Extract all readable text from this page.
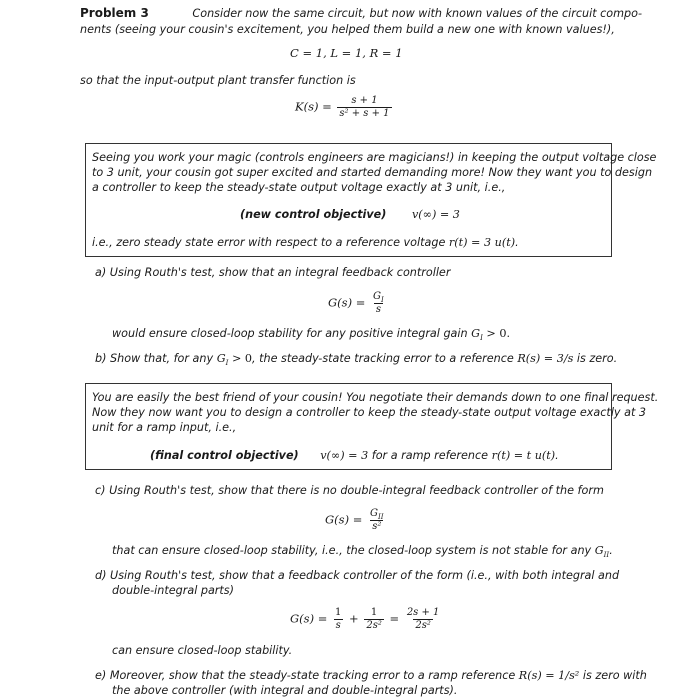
Problem 3	Consider now the same circuit, but now with known values of the circuit compo-
nents (seeing your cousin's excitement, you helped them build a new one with known values!),
C = 1, L = 1, R = 1
so that the input-output plant transfer function is
$K(s) = \frac{s + 1}{\text{s² + s + 1}}$
Seeing you work your magic (controls engineers are magicians!) in keeping the output voltage close
to 3 unit, your cousin got super excited and started demanding more! Now they want you to design
a controller to keep the steady-state output voltage exactly at 3 unit, i.e.,
(new control objective) v(∞) = 3
i.e., zero steady state error with respect to a reference voltage r(t) = 3 u(t).
a) Using Routh's test, show that an integral feedback controller
$G(s) = \frac{G_I}{s}$
would ensure closed-loop stability for any positive integral gain $G_I > 0$.
b) Show that, for any $G_I > 0$, the steady-state tracking error to a reference R(s) = 3/s is zero.
You are easily the best friend of your cousin! You negotiate their demands down to one final request.
Now they now want you to design a controller to keep the steady-state output voltage exactly at 3
unit for a ramp input, i.e.,
(final control objective) v(∞) = 3 for a ramp reference r(t) = t u(t).
c) Using Routh's test, show that there is no double-integral feedback controller of the form
$G(s) = \frac{G_{II}}{\text{s²}}$
that can ensure closed-loop stability, i.e., the closed-loop system is not stable for any $G_{II}$.
d) Using Routh's test, show that a feedback controller of the form (i.e., with both integral and
double-integral parts)
$G(s) = \frac{1}{s} + \frac{1}{\text{2s²}} = \frac{2s + 1}{\text{2s²}}$
can ensure closed-loop stability.
e) Moreover, show that the steady-state tracking error to a ramp reference R(s) = 1/s² is zero with
the above controller (with integral and double-integral parts).
